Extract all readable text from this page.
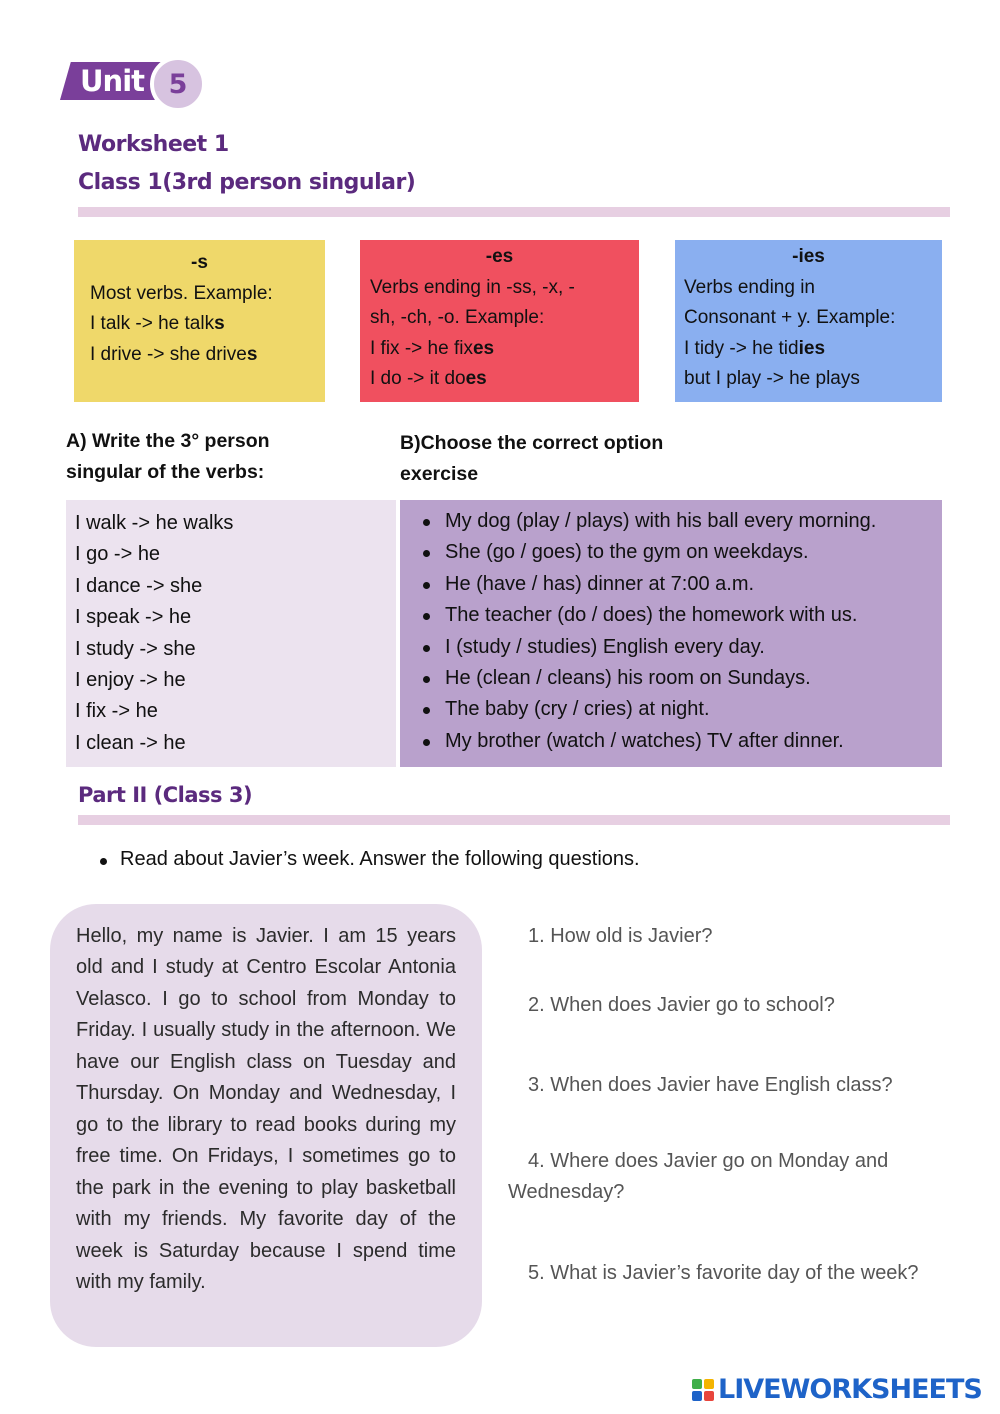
Unit 5
Worksheet 1
Class 1(3rd person singular)
-s
Most verbs. Example:
I talk -> he talks
I drive -> she drives
-es
Verbs ending in -ss, -x, -
sh, -ch, -o. Example:
I fix -> he fixes
I do -> it does
-ies
Verbs ending in
Consonant + y. Example:
I tidy -> he tidies
but I play -> he plays
A) Write the 3° person
singular of the verbs:
B)Choose the correct option
exercise
I walk -> he walks
I go -> he
I dance -> she
I speak -> he
I study -> she
I enjoy -> he
I fix -> he
I clean -> he
My dog (play / plays) with his ball every morning.
She (go / goes) to the gym on weekdays.
He (have / has) dinner at 7:00 a.m.
The teacher (do / does) the homework with us.
I (study / studies) English every day.
He (clean / cleans) his room on Sundays.
The baby (cry / cries) at night.
My brother (watch / watches) TV after dinner.
Part II (Class 3)
Read about Javier’s week. Answer the following questions.
Hello, my name is Javier. I am 15 years old and I study at Centro Escolar Antonia Velasco. I go to school from Monday to Friday. I usually study in the afternoon. We have our English class on Tuesday and Thursday. On Monday and Wednesday, I go to the library to read books during my free time. On Fridays, I sometimes go to the park in the evening to play basketball with my friends. My favorite day of the week is Saturday because I spend time with my family.
1. How old is Javier?
2. When does Javier go to school?
3. When does Javier have English class?
4. Where does Javier go on Monday and Wednesday?
5. What is Javier’s favorite day of the week?
LIVEWORKSHEETS
